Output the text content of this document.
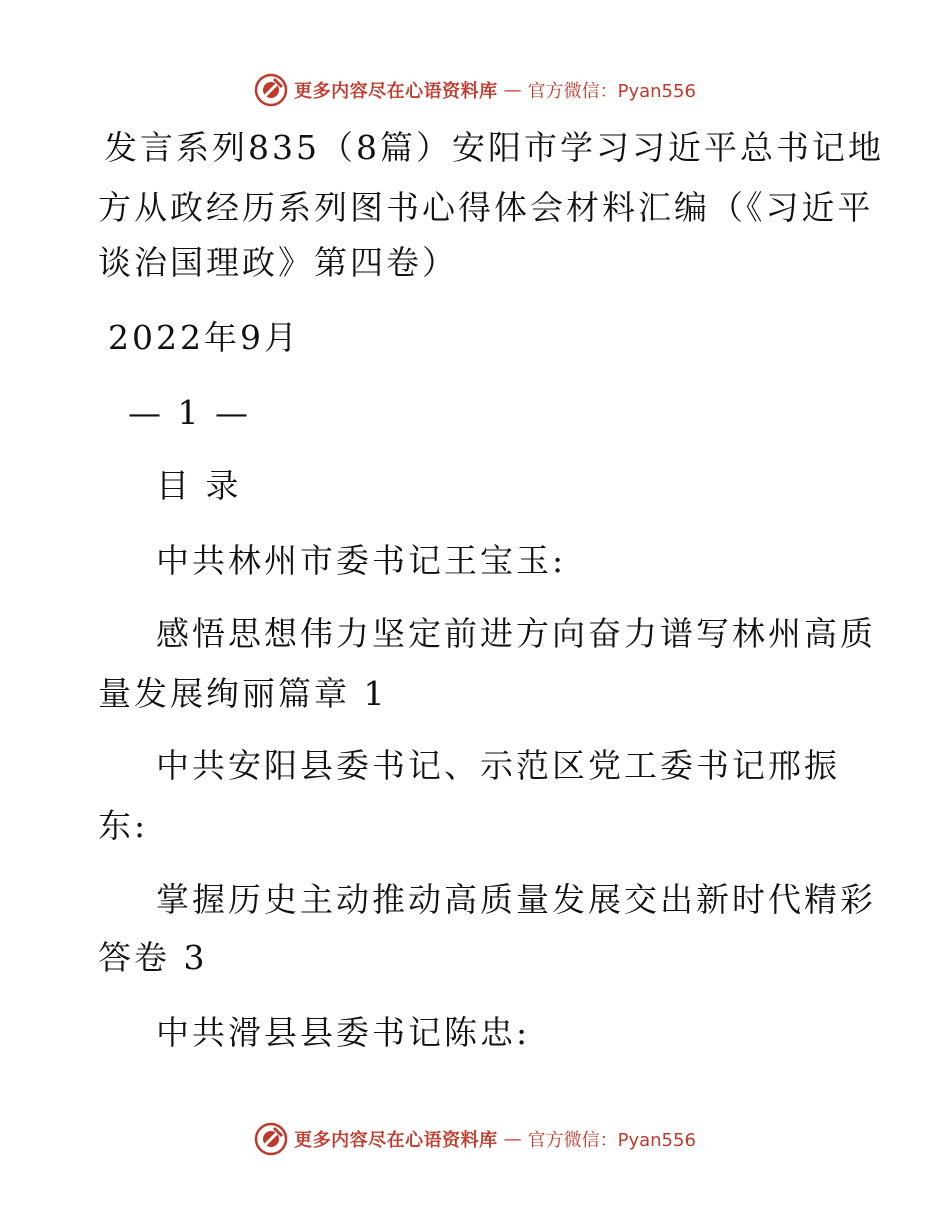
更多内容尽在心语资料库 — 官方微信：Pyan556
发言系列835（8篇）安阳市学习习近平总书记地
方从政经历系列图书心得体会材料汇编（《习近平
谈治国理政》第四卷）
2022年9月
— 1 —
目 录
中共林州市委书记王宝玉:
感悟思想伟力坚定前进方向奋力谱写林州高质
量发展绚丽篇章 1
中共安阳县委书记、示范区党工委书记邢振
东:
掌握历史主动推动高质量发展交出新时代精彩
答卷 3
中共滑县县委书记陈忠:
更多内容尽在心语资料库 — 官方微信：Pyan556
